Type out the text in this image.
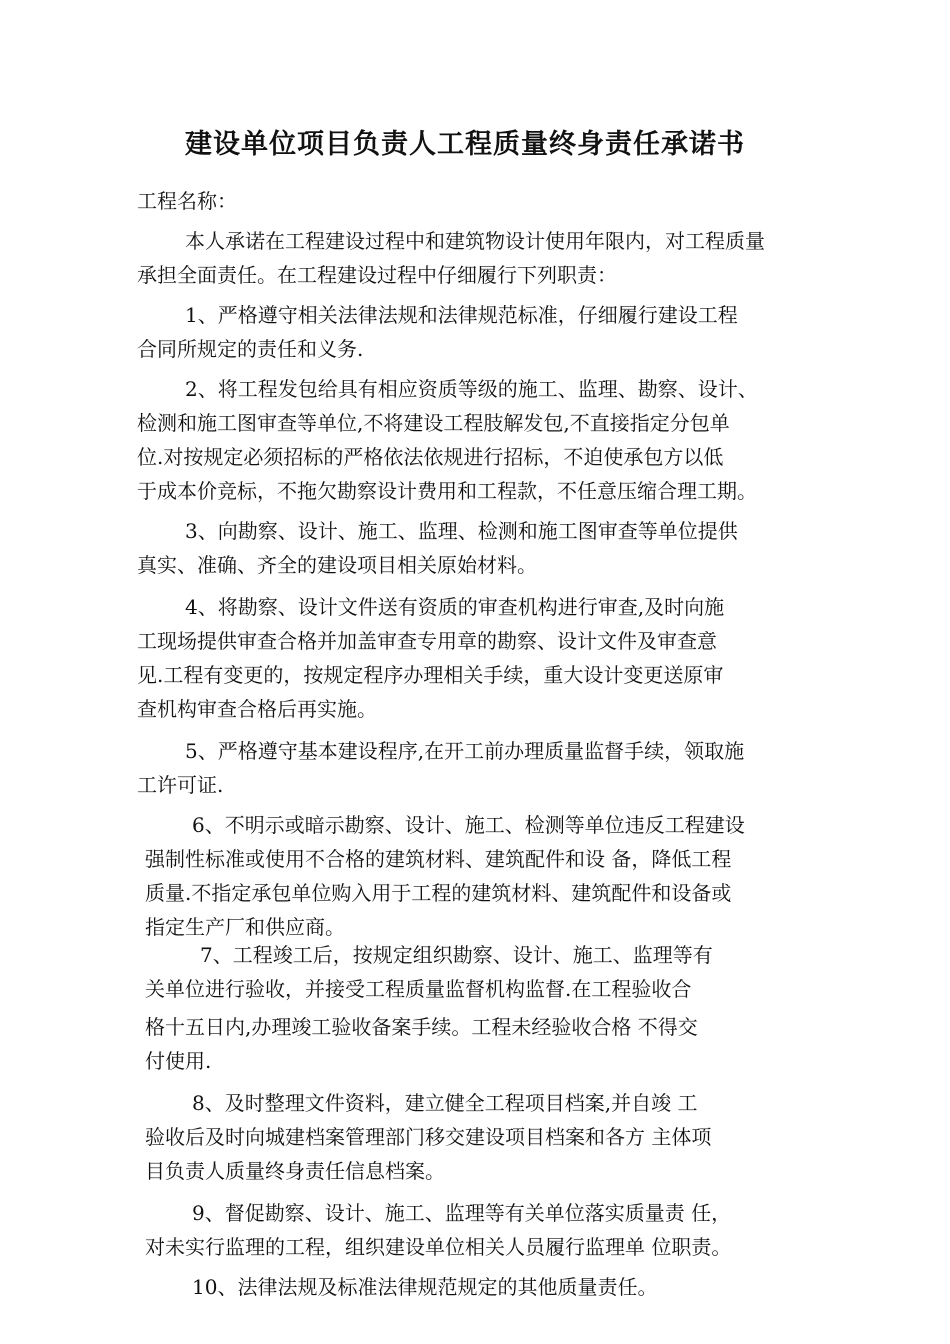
建设单位项目负责人工程质量终身责任承诺书

工程名称：

本人承诺在工程建设过程中和建筑物设计使用年限内，对工程质量

承担全面责任。在工程建设过程中仔细履行下列职责：

1、严格遵守相关法律法规和法律规范标准，仔细履行建设工程

合同所规定的责任和义务.

2、将工程发包给具有相应资质等级的施工、监理、勘察、设计、

检测和施工图审查等单位,不将建设工程肢解发包,不直接指定分包单

位.对按规定必须招标的严格依法依规进行招标，不迫使承包方以低

于成本价竞标，不拖欠勘察设计费用和工程款，不任意压缩合理工期。

3、向勘察、设计、施工、监理、检测和施工图审查等单位提供

真实、准确、齐全的建设项目相关原始材料。

4、将勘察、设计文件送有资质的审查机构进行审查,及时向施

工现场提供审查合格并加盖审查专用章的勘察、设计文件及审查意

见.工程有变更的，按规定程序办理相关手续，重大设计变更送原审

查机构审查合格后再实施。

5、严格遵守基本建设程序,在开工前办理质量监督手续，领取施

工许可证.

6、不明示或暗示勘察、设计、施工、检测等单位违反工程建设

强制性标准或使用不合格的建筑材料、建筑配件和设 备，降低工程

质量.不指定承包单位购入用于工程的建筑材料、建筑配件和设备或

指定生产厂和供应商。

7、工程竣工后，按规定组织勘察、设计、施工、监理等有

关单位进行验收，并接受工程质量监督机构监督.在工程验收合

格十五日内,办理竣工验收备案手续。工程未经验收合格 不得交

付使用.

8、及时整理文件资料，建立健全工程项目档案,并自竣 工

验收后及时向城建档案管理部门移交建设项目档案和各方 主体项

目负责人质量终身责任信息档案。

9、督促勘察、设计、施工、监理等有关单位落实质量责 任，

对未实行监理的工程，组织建设单位相关人员履行监理单 位职责。

10、法律法规及标准法律规范规定的其他质量责任。
